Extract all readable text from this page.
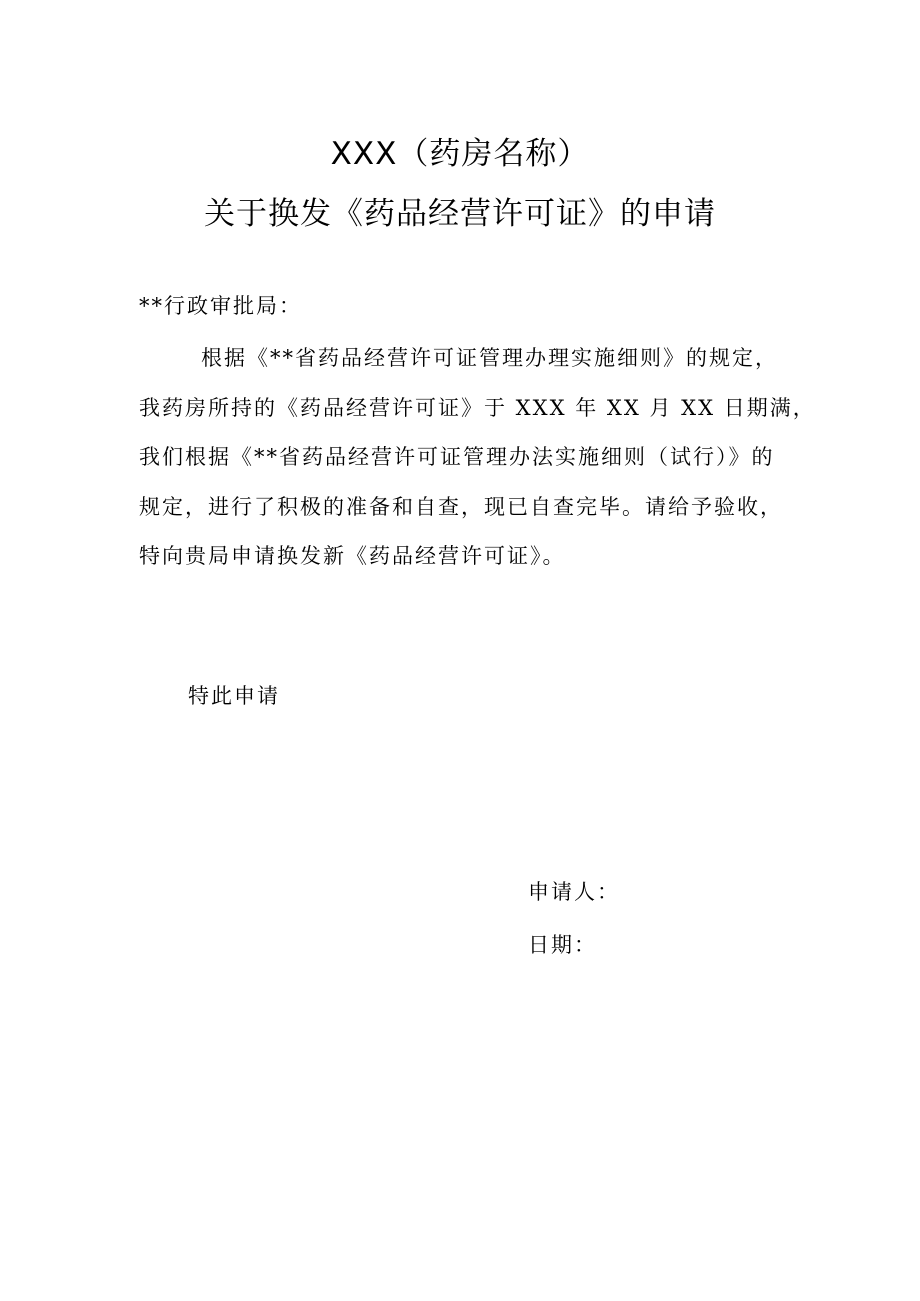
XXX（药房名称）
关于换发《药品经营许可证》的申请
**行政审批局：
根据《**省药品经营许可证管理办理实施细则》的规定，
我药房所持的《药品经营许可证》于 XXX 年 XX 月 XX 日期满，
我们根据《**省药品经营许可证管理办法实施细则（试行）》的
规定，进行了积极的准备和自查，现已自查完毕。请给予验收，
特向贵局申请换发新《药品经营许可证》。
特此申请
申请人：
日期：
